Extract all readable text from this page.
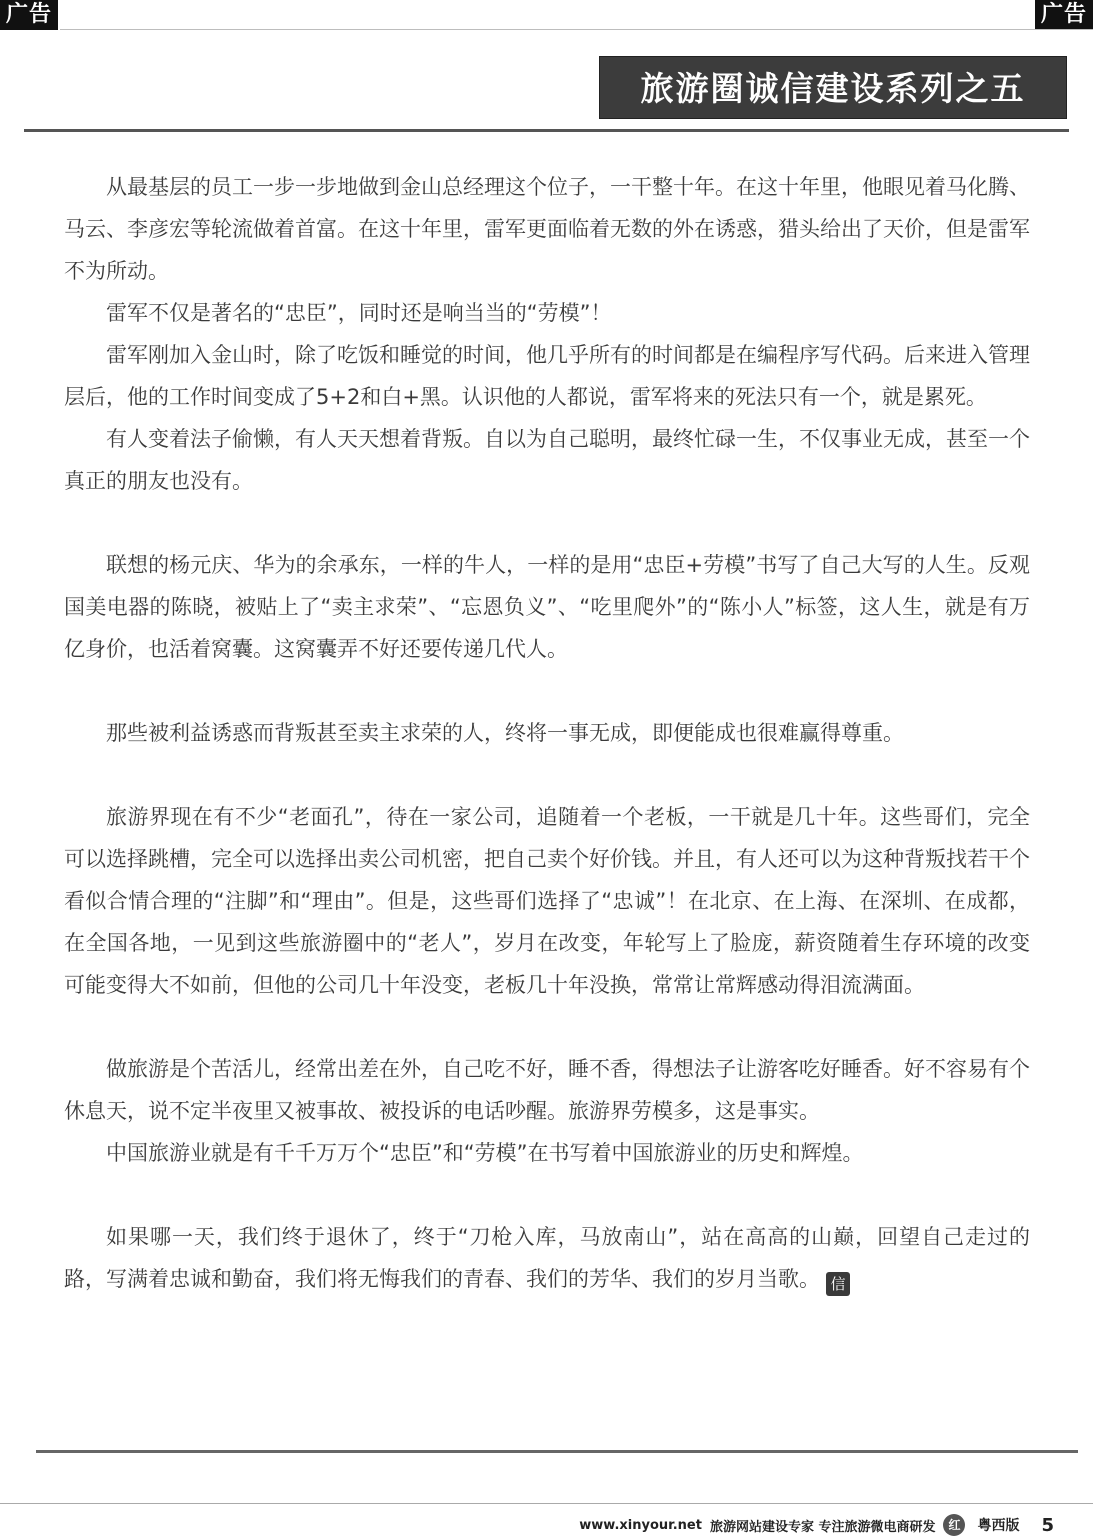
广告	广告
旅游圈诚信建设系列之五

从最基层的员工一步一步地做到金山总经理这个位子，一干整十年。在这十年里，他眼见着马化腾、马云、李彦宏等轮流做着首富。在这十年里，雷军更面临着无数的外在诱惑，猎头给出了天价，但是雷军不为所动。

雷军不仅是著名的“忠臣”，同时还是响当当的“劳模”！

雷军刚加入金山时，除了吃饭和睡觉的时间，他几乎所有的时间都是在编程序写代码。后来进入管理层后，他的工作时间变成了5+2和白+黑。认识他的人都说，雷军将来的死法只有一个，就是累死。

有人变着法子偷懒，有人天天想着背叛。自以为自己聪明，最终忙碌一生，不仅事业无成，甚至一个真正的朋友也没有。

联想的杨元庆、华为的余承东，一样的牛人，一样的是用“忠臣+劳模”书写了自己大写的人生。反观国美电器的陈晓，被贴上了“卖主求荣”、“忘恩负义”、“吃里爬外”的“陈小人”标签，这人生，就是有万亿身价，也活着窝囊。这窝囊弄不好还要传递几代人。

那些被利益诱惑而背叛甚至卖主求荣的人，终将一事无成，即便能成也很难赢得尊重。

旅游界现在有不少“老面孔”，待在一家公司，追随着一个老板，一干就是几十年。这些哥们，完全可以选择跳槽，完全可以选择出卖公司机密，把自己卖个好价钱。并且，有人还可以为这种背叛找若干个看似合情合理的“注脚”和“理由”。但是，这些哥们选择了“忠诚”！在北京、在上海、在深圳、在成都，在全国各地，一见到这些旅游圈中的“老人”，岁月在改变，年轮写上了脸庞，薪资随着生存环境的改变可能变得大不如前，但他的公司几十年没变，老板几十年没换，常常让常辉感动得泪流满面。

做旅游是个苦活儿，经常出差在外，自己吃不好，睡不香，得想法子让游客吃好睡香。好不容易有个休息天，说不定半夜里又被事故、被投诉的电话吵醒。旅游界劳模多，这是事实。

中国旅游业就是有千千万万个“忠臣”和“劳模”在书写着中国旅游业的历史和辉煌。

如果哪一天，我们终于退休了，终于“刀枪入库，马放南山”，站在高高的山巅，回望自己走过的路，写满着忠诚和勤奋，我们将无悔我们的青春、我们的芳华、我们的岁月当歌。 信

www.xinyour.net 旅游网站建设专家 专注旅游微电商研发	红	粤西版 5
